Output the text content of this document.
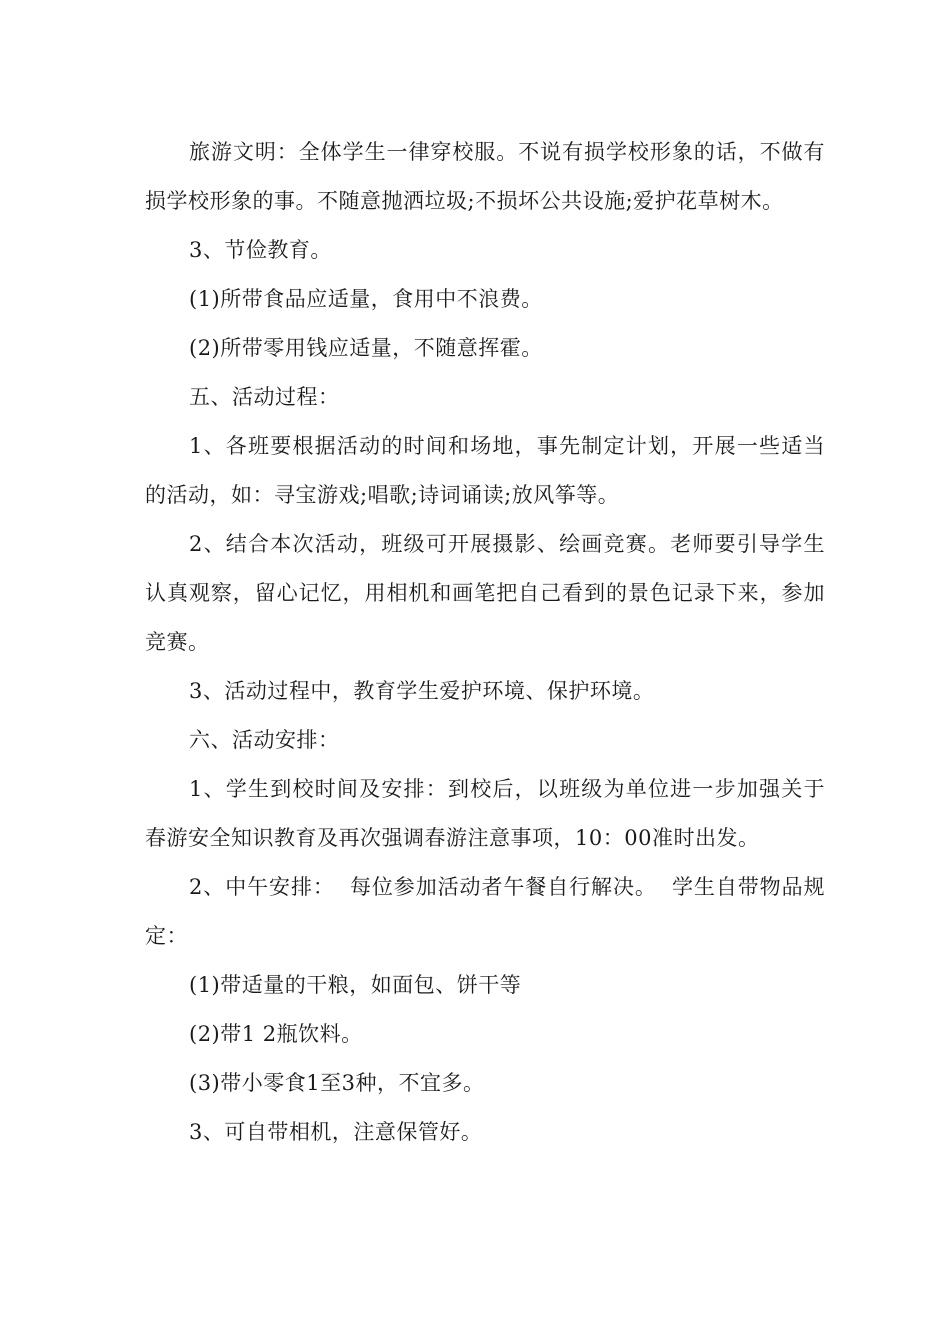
旅游文明：全体学生一律穿校服。不说有损学校形象的话，不做有损学校形象的事。不随意抛洒垃圾;不损坏公共设施;爱护花草树木。

3、节俭教育。

(1)所带食品应适量，食用中不浪费。

(2)所带零用钱应适量，不随意挥霍。

五、活动过程：

1、各班要根据活动的时间和场地，事先制定计划，开展一些适当的活动，如：寻宝游戏;唱歌;诗词诵读;放风筝等。

2、结合本次活动，班级可开展摄影、绘画竞赛。老师要引导学生认真观察，留心记忆，用相机和画笔把自己看到的景色记录下来，参加竞赛。

3、活动过程中，教育学生爱护环境、保护环境。

六、活动安排：

1、学生到校时间及安排：到校后，以班级为单位进一步加强关于春游安全知识教育及再次强调春游注意事项，10：00准时出发。

2、中午安排：  每位参加活动者午餐自行解决。  学生自带物品规定：

(1)带适量的干粮，如面包、饼干等

(2)带1 2瓶饮料。

(3)带小零食1至3种，不宜多。

3、可自带相机，注意保管好。
